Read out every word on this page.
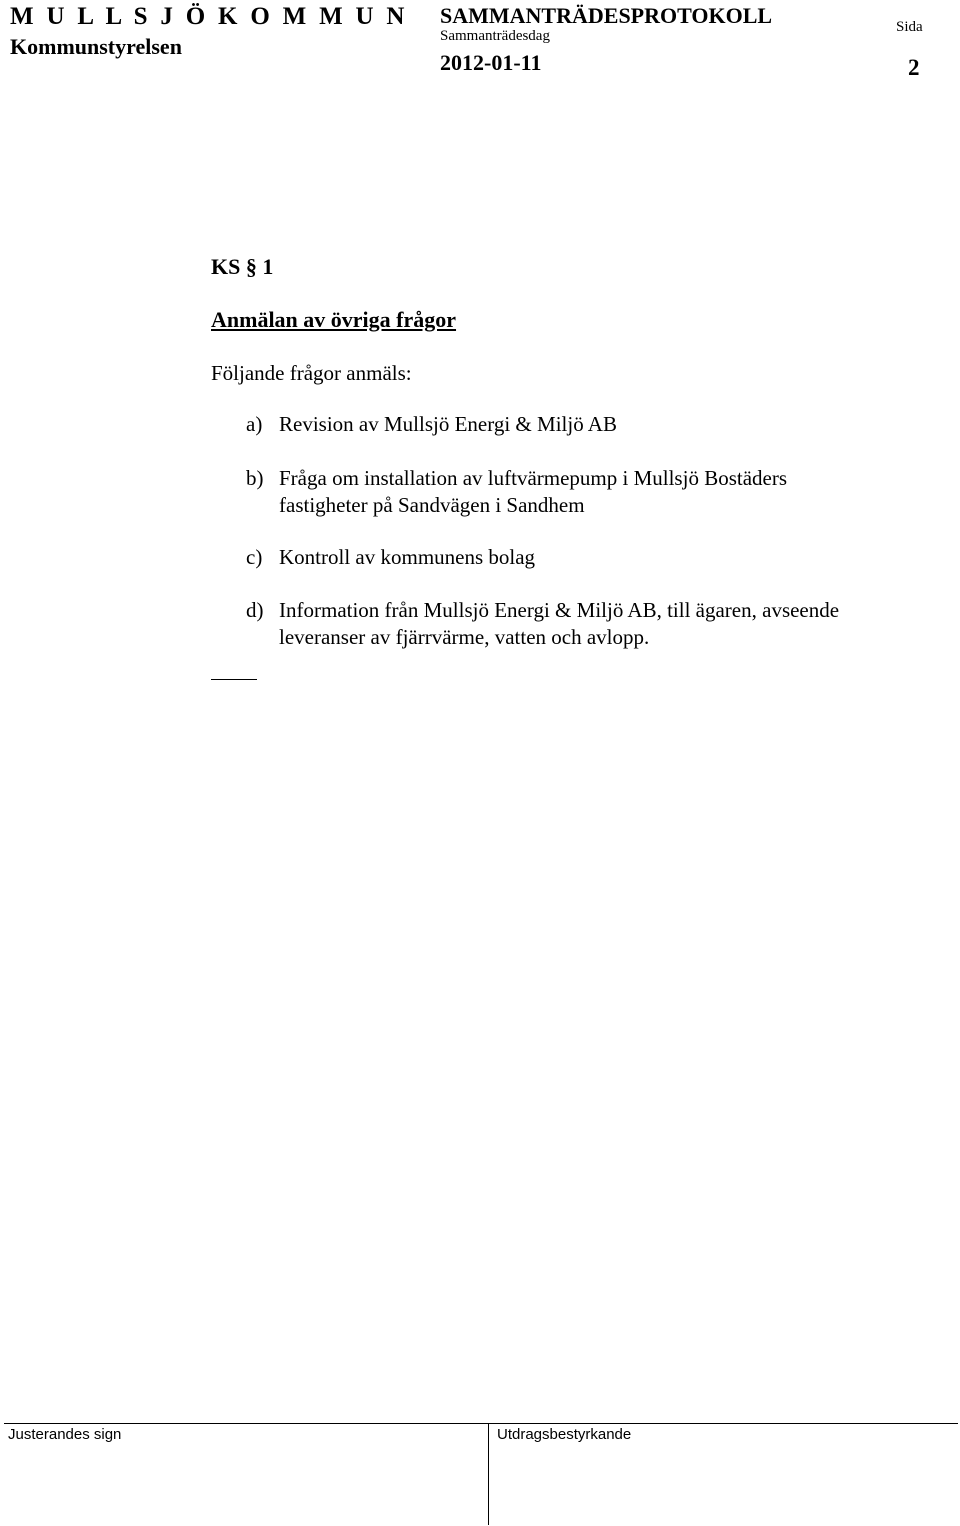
M U L L S J Ö K O M M U N
Kommunstyrelsen
SAMMANTRÄDESPROTOKOLL
Sammanträdesdag
2012-01-11
Sida
2
KS § 1
Anmälan av övriga frågor
Följande frågor anmäls:
a) Revision av Mullsjö Energi & Miljö AB
b) Fråga om installation av luftvärmepump i Mullsjö Bostäders
fastigheter på Sandvägen i Sandhem
c) Kontroll av kommunens bolag
d) Information från Mullsjö Energi & Miljö AB, till ägaren, avseende
leveranser av fjärrvärme, vatten och avlopp.
Justerandes sign	Utdragsbestyrkande
